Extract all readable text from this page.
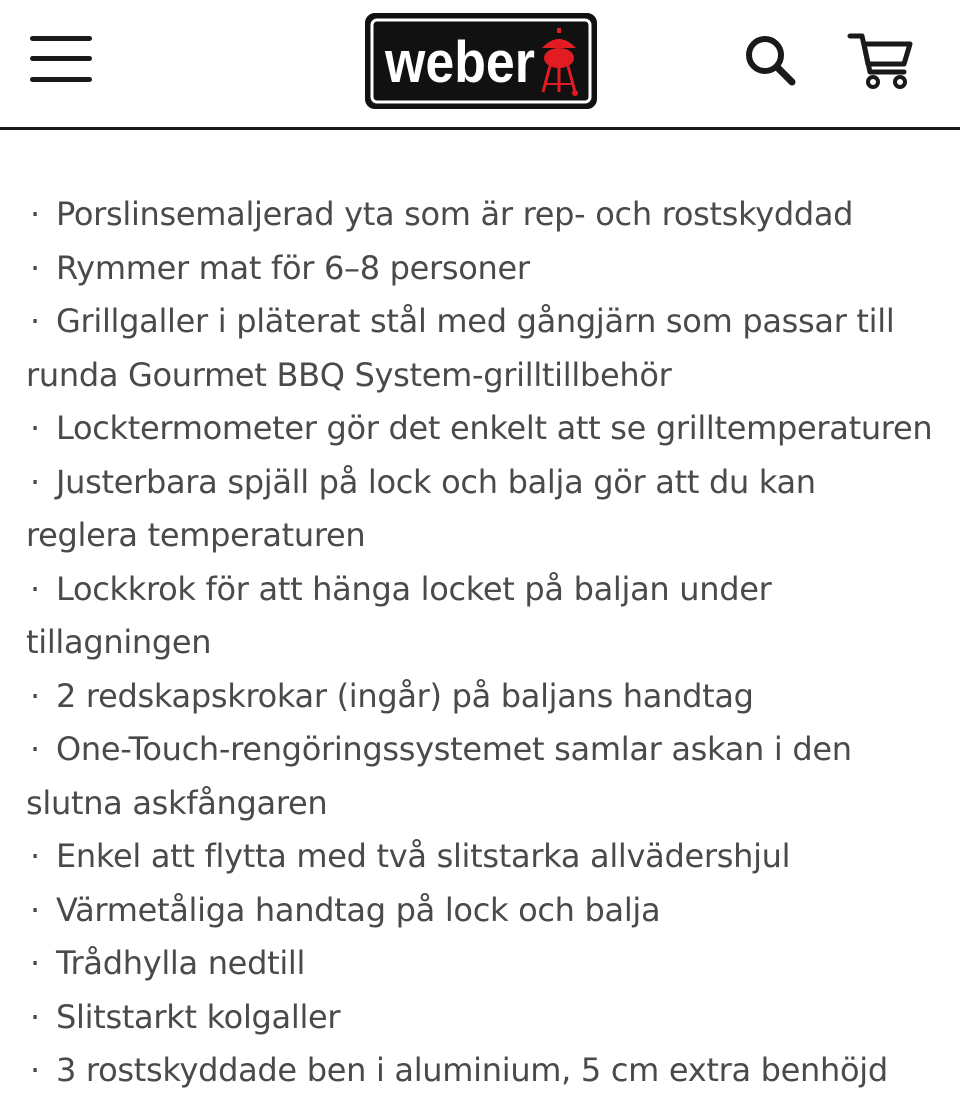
weber
· Porslinsemaljerad yta som är rep- och rostskyddad
· Rymmer mat för 6–8 personer
· Grillgaller i pläterat stål med gångjärn som passar till runda Gourmet BBQ System-grilltillbehör
· Locktermometer gör det enkelt att se grilltemperaturen
· Justerbara spjäll på lock och balja gör att du kan reglera temperaturen
· Lockkrok för att hänga locket på baljan under tillagningen
· 2 redskapskrokar (ingår) på baljans handtag
· One-Touch-rengöringssystemet samlar askan i den slutna askfångaren
· Enkel att flytta med två slitstarka allvädershjul
· Värmetåliga handtag på lock och balja
· Trådhylla nedtill
· Slitstarkt kolgaller
· 3 rostskyddade ben i aluminium, 5 cm extra benhöjd
